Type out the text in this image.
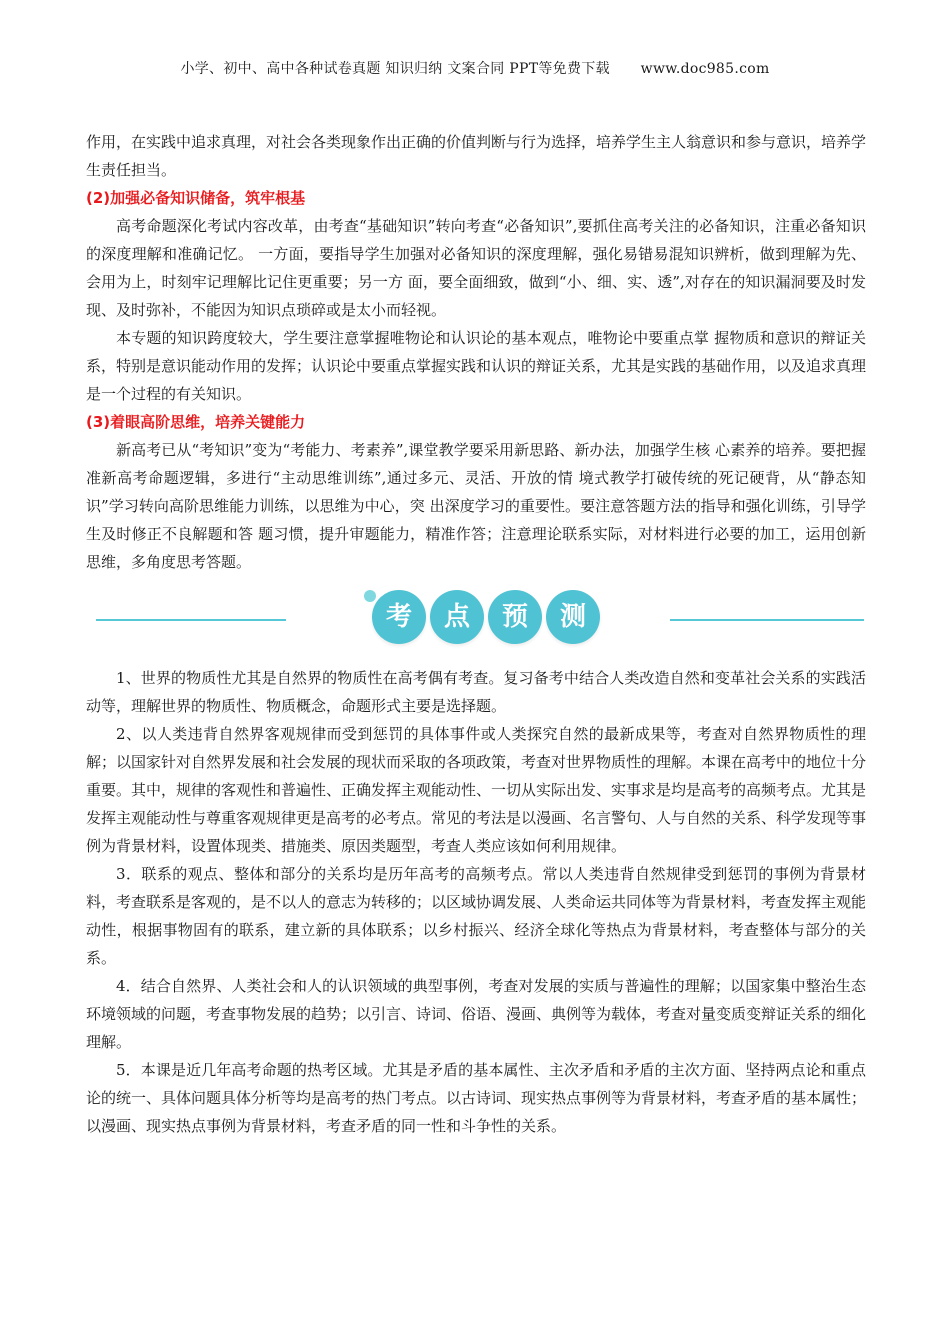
小学、初中、高中各种试卷真题 知识归纳 文案合同 PPT等免费下载 www.doc985.com

作用，在实践中追求真理，对社会各类现象作出正确的价值判断与行为选择，培养学生主人翁意识和参与意识，培养学生责任担当。

(2)加强必备知识储备，筑牢根基

高考命题深化考试内容改革，由考查“基础知识”转向考查“必备知识”,要抓住高考关注的必备知识，注重必备知识的深度理解和准确记忆。 一方面，要指导学生加强对必备知识的深度理解，强化易错易混知识辨析，做到理解为先、会用为上，时刻牢记理解比记住更重要；另一方 面，要全面细致，做到“小、细、实、透”,对存在的知识漏洞要及时发现、及时弥补，不能因为知识点琐碎或是太小而轻视。

本专题的知识跨度较大，学生要注意掌握唯物论和认识论的基本观点，唯物论中要重点掌 握物质和意识的辩证关系，特别是意识能动作用的发挥；认识论中要重点掌握实践和认识的辩证关系，尤其是实践的基础作用，以及追求真理是一个过程的有关知识。

(3)着眼高阶思维，培养关键能力

新高考已从“考知识”变为“考能力、考素养”,课堂教学要采用新思路、新办法，加强学生核 心素养的培养。要把握准新高考命题逻辑，多进行“主动思维训练”,通过多元、灵活、开放的情 境式教学打破传统的死记硬背，从“静态知识”学习转向高阶思维能力训练，以思维为中心，突 出深度学习的重要性。要注意答题方法的指导和强化训练，引导学生及时修正不良解题和答 题习惯，提升审题能力，精准作答；注意理论联系实际，对材料进行必要的加工，运用创新思维，多角度思考答题。

考	点	预	测

1、世界的物质性尤其是自然界的物质性在高考偶有考查。复习备考中结合人类改造自然和变革社会关系的实践活动等，理解世界的物质性、物质概念，命题形式主要是选择题。

2、以人类违背自然界客观规律而受到惩罚的具体事件或人类探究自然的最新成果等，考查对自然界物质性的理解；以国家针对自然界发展和社会发展的现状而采取的各项政策，考查对世界物质性的理解。本课在高考中的地位十分重要。其中，规律的客观性和普遍性、正确发挥主观能动性、一切从实际出发、实事求是均是高考的高频考点。尤其是发挥主观能动性与尊重客观规律更是高考的必考点。常见的考法是以漫画、名言警句、人与自然的关系、科学发现等事例为背景材料，设置体现类、措施类、原因类题型，考查人类应该如何利用规律。

3．联系的观点、整体和部分的关系均是历年高考的高频考点。常以人类违背自然规律受到惩罚的事例为背景材料，考查联系是客观的，是不以人的意志为转移的；以区域协调发展、人类命运共同体等为背景材料，考查发挥主观能动性，根据事物固有的联系，建立新的具体联系；以乡村振兴、经济全球化等热点为背景材料，考查整体与部分的关系。

4．结合自然界、人类社会和人的认识领域的典型事例，考查对发展的实质与普遍性的理解；以国家集中整治生态环境领域的问题，考查事物发展的趋势；以引言、诗词、俗语、漫画、典例等为载体，考查对量变质变辩证关系的细化理解。

5．本课是近几年高考命题的热考区域。尤其是矛盾的基本属性、主次矛盾和矛盾的主次方面、坚持两点论和重点论的统一、具体问题具体分析等均是高考的热门考点。以古诗词、现实热点事例等为背景材料，考查矛盾的基本属性；以漫画、现实热点事例为背景材料，考查矛盾的同一性和斗争性的关系。
